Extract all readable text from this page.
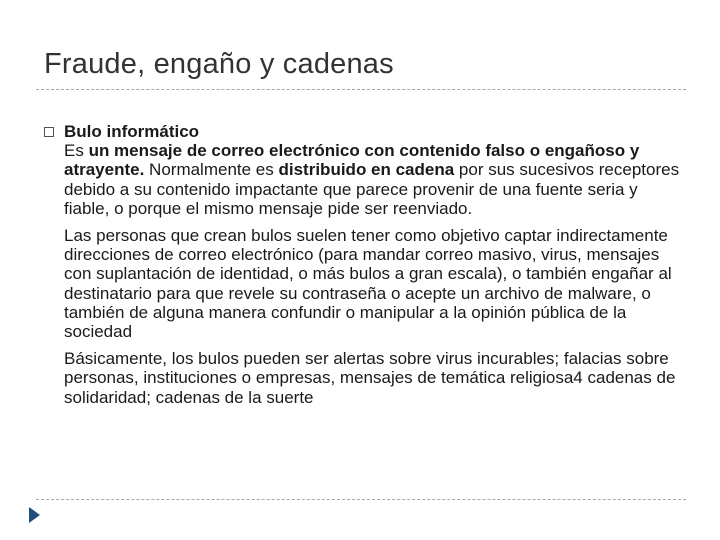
Fraude, engaño y cadenas
Bulo informático

Es un mensaje de correo electrónico con contenido falso o engañoso y atrayente. Normalmente es distribuido en cadena por sus sucesivos receptores debido a su contenido impactante que parece provenir de una fuente seria y fiable, o porque el mismo mensaje pide ser reenviado.

Las personas que crean bulos suelen tener como objetivo captar indirectamente direcciones de correo electrónico (para mandar correo masivo, virus, mensajes con suplantación de identidad, o más bulos a gran escala), o también engañar al destinatario para que revele su contraseña o acepte un archivo de malware, o también de alguna manera confundir o manipular a la opinión pública de la sociedad

Básicamente, los bulos pueden ser alertas sobre virus incurables; falacias sobre personas, instituciones o empresas, mensajes de temática religiosa4 cadenas de solidaridad; cadenas de la suerte
